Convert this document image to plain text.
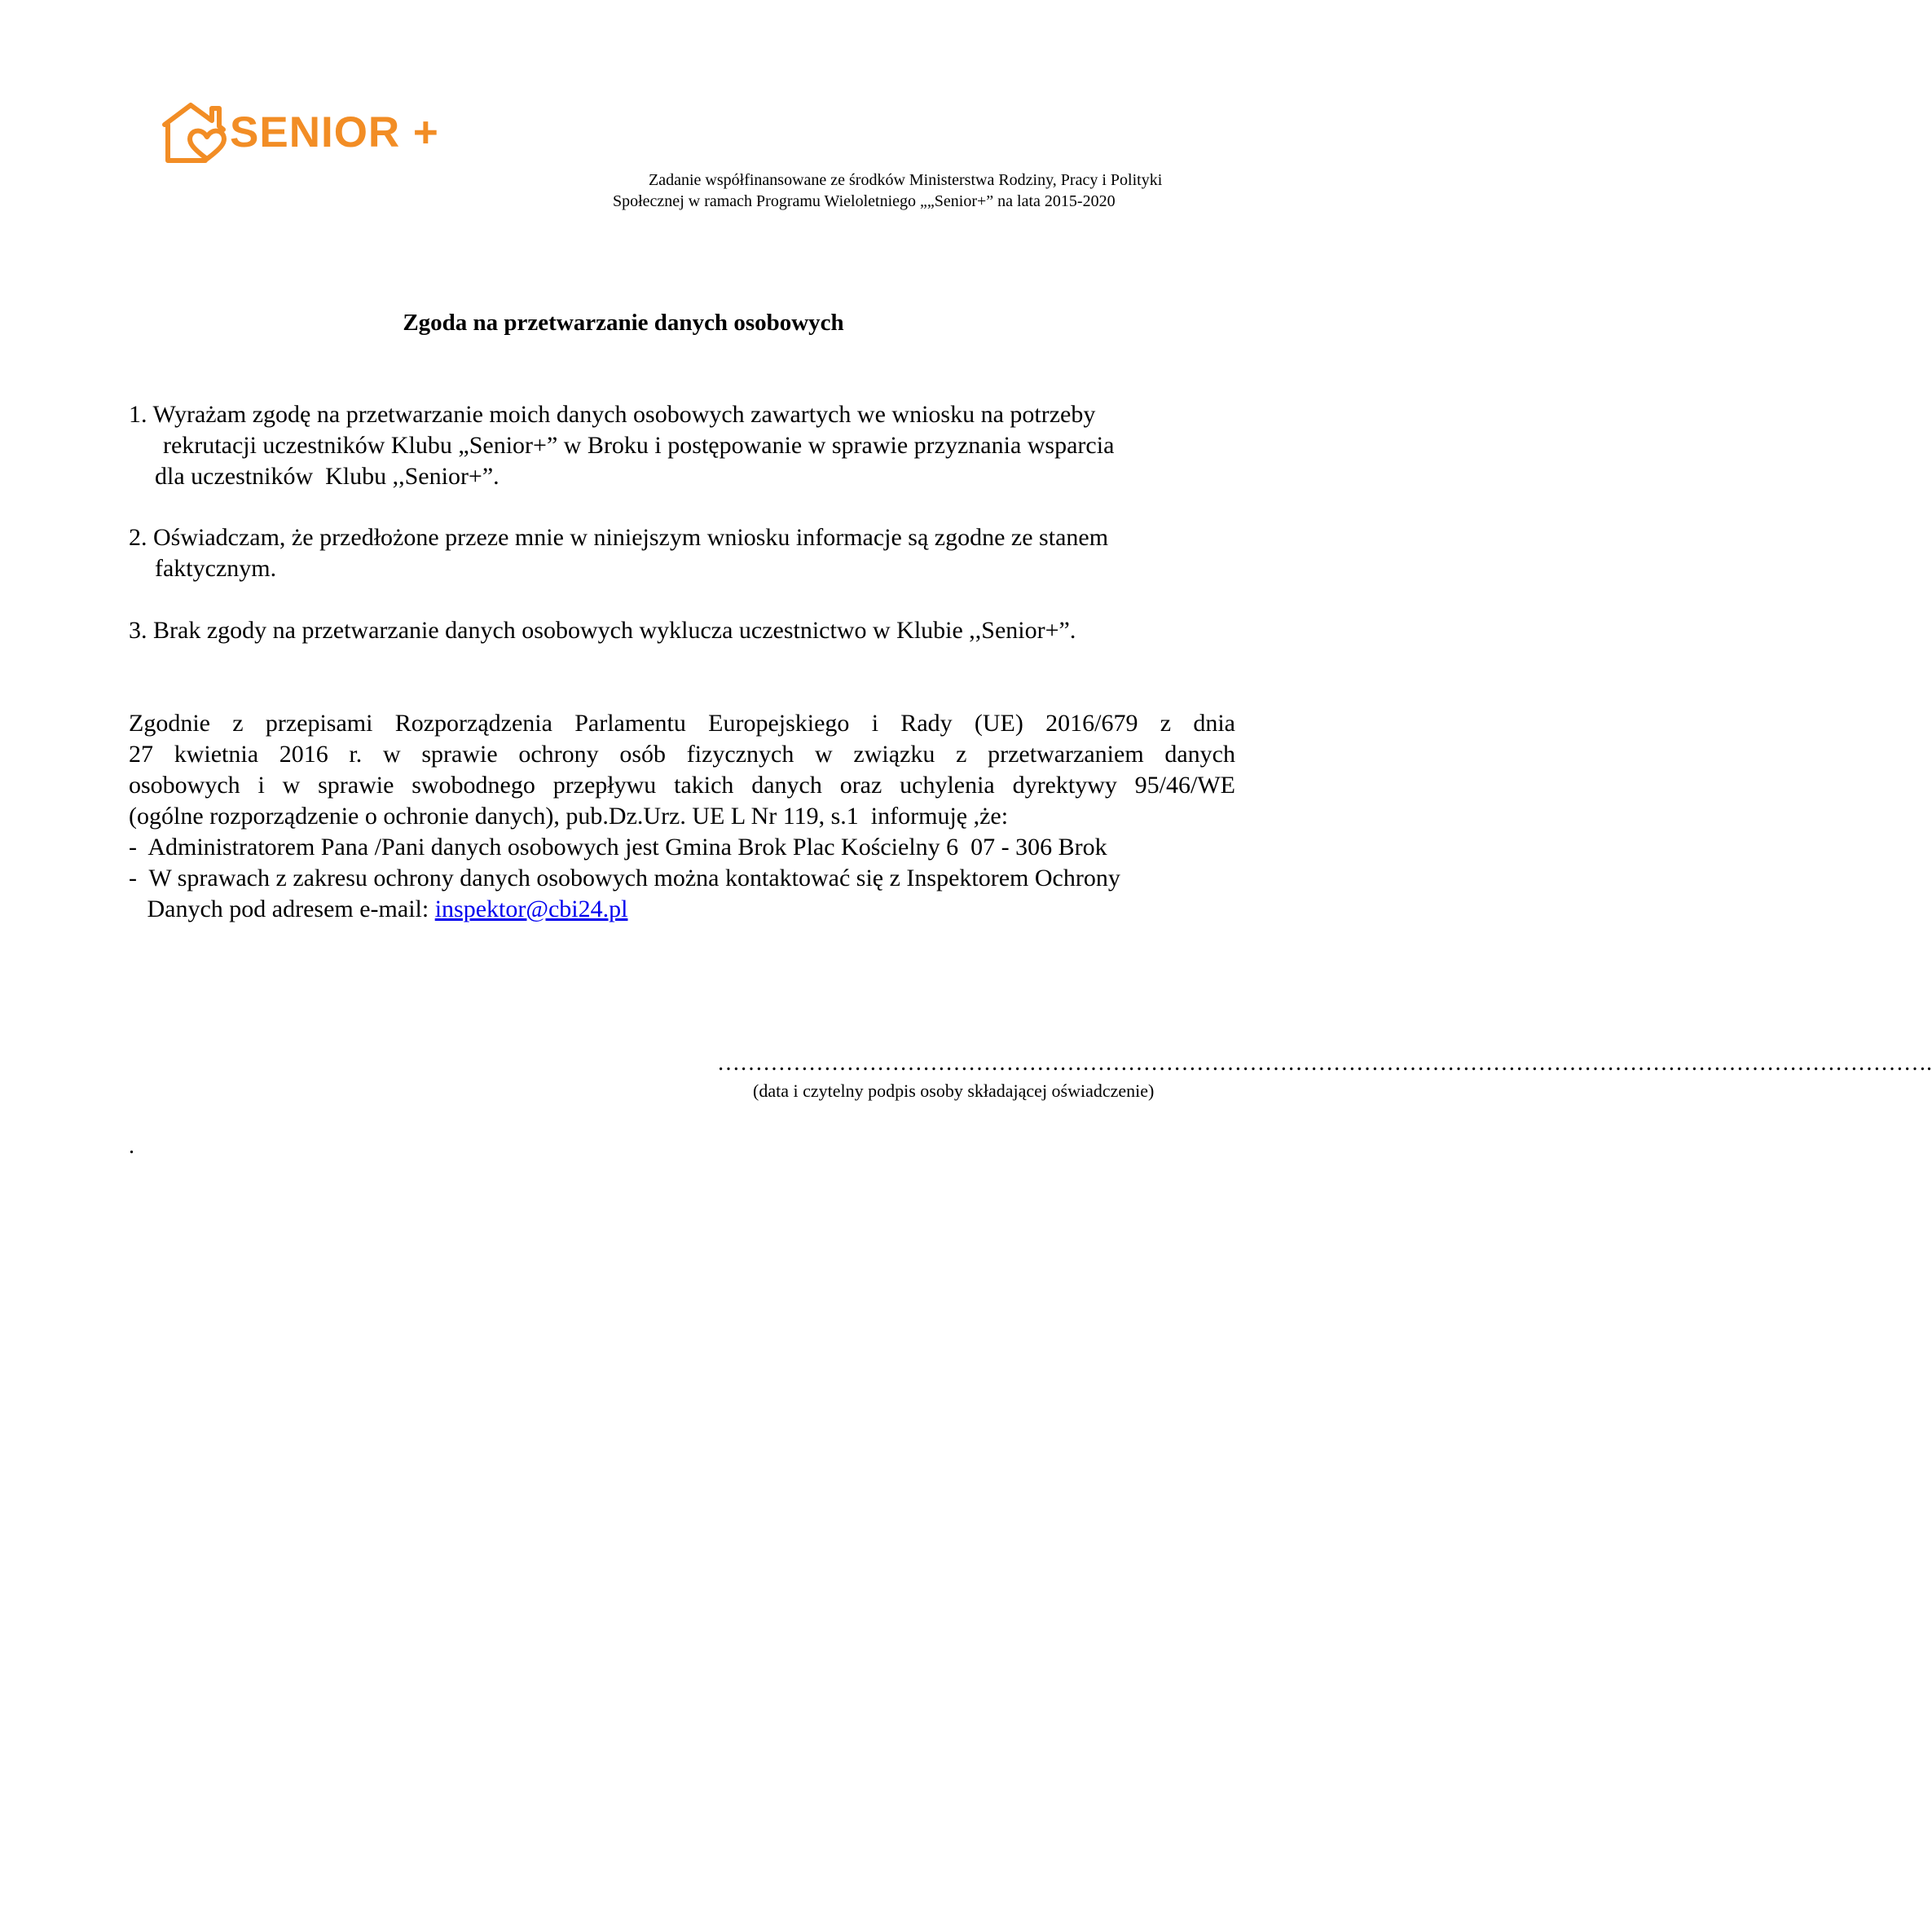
SENIOR +
Zadanie współfinansowane ze środków Ministerstwa Rodziny, Pracy i Polityki
Społecznej w ramach Programu Wieloletniego „„Senior+” na lata 2015-2020
Zgoda na przetwarzanie danych osobowych
1. Wyrażam zgodę na przetwarzanie moich danych osobowych zawartych we wniosku na potrzeby
rekrutacji uczestników Klubu „Senior+” w Broku i postępowanie w sprawie przyznania wsparcia
dla uczestników  Klubu ,,Senior+”.
2. Oświadczam, że przedłożone przeze mnie w niniejszym wniosku informacje są zgodne ze stanem
faktycznym.
3. Brak zgody na przetwarzanie danych osobowych wyklucza uczestnictwo w Klubie ,,Senior+”.
Zgodnie z przepisami Rozporządzenia Parlamentu Europejskiego i Rady (UE) 2016/679 z dnia
27 kwietnia 2016 r. w sprawie ochrony osób fizycznych w związku z przetwarzaniem danych
osobowych i w sprawie swobodnego przepływu takich danych oraz uchylenia dyrektywy 95/46/WE
(ogólne rozporządzenie o ochronie danych), pub.Dz.Urz. UE L Nr 119, s.1  informuję ,że:
-  Administratorem Pana /Pani danych osobowych jest Gmina Brok Plac Kościelny 6  07 - 306 Brok
-  W sprawach z zakresu ochrony danych osobowych można kontaktować się z Inspektorem Ochrony
Danych pod adresem e-mail: inspektor@cbi24.pl
…………………………………………………………………………………………………………………………………………….
(data i czytelny podpis osoby składającej oświadczenie)
.
